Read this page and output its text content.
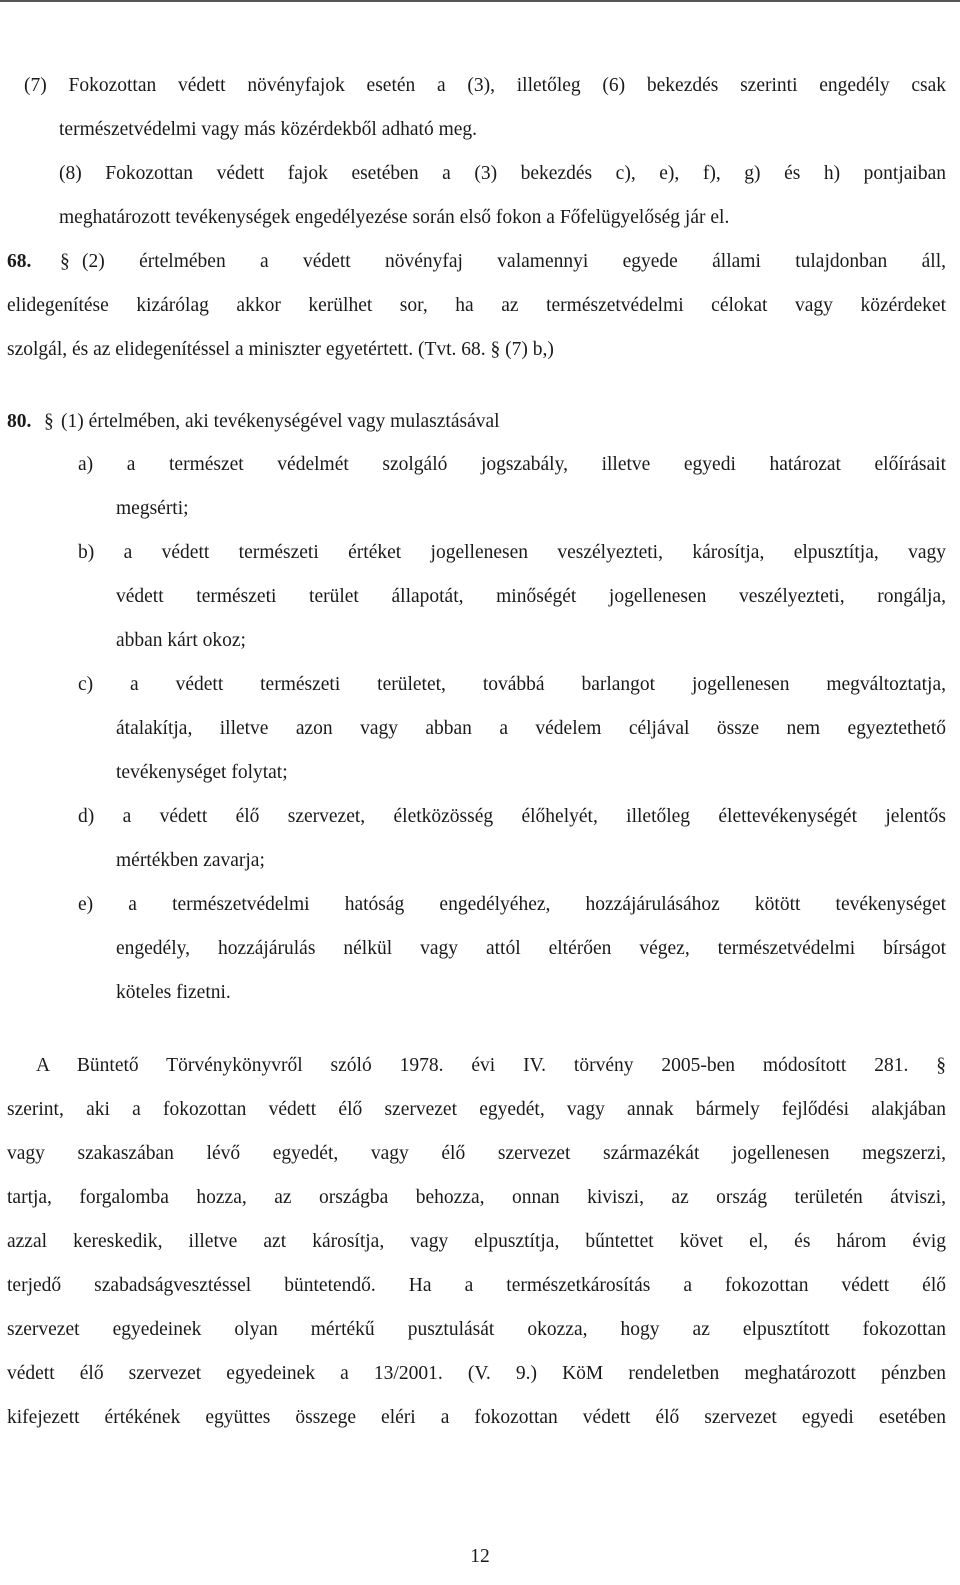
(7) Fokozottan védett növényfajok esetén a (3), illetőleg (6) bekezdés szerinti engedély csak
természetvédelmi vagy más közérdekből adható meg.
(8) Fokozottan védett fajok esetében a (3) bekezdés c), e), f), g) és h) pontjaiban
meghatározott tevékenységek engedélyezése során első fokon a Főfelügyelőség jár el.
68. § (2) értelmében a védett növényfaj valamennyi egyede állami tulajdonban áll,
elidegenítése kizárólag akkor kerülhet sor, ha az természetvédelmi célokat vagy közérdeket
szolgál, és az elidegenítéssel a miniszter egyetértett. (Tvt. 68. § (7) b,)
80. § (1) értelmében, aki tevékenységével vagy mulasztásával
a) a természet védelmét szolgáló jogszabály, illetve egyedi határozat előírásait
megsérti;
b) a védett természeti értéket jogellenesen veszélyezteti, károsítja, elpusztítja, vagy
védett természeti terület állapotát, minőségét jogellenesen veszélyezteti, rongálja,
abban kárt okoz;
c) a védett természeti területet, továbbá barlangot jogellenesen megváltoztatja,
átalakítja, illetve azon vagy abban a védelem céljával össze nem egyeztethető
tevékenységet folytat;
d) a védett élő szervezet, életközösség élőhelyét, illetőleg élettevékenységét jelentős
mértékben zavarja;
e) a természetvédelmi hatóság engedélyéhez, hozzájárulásához kötött tevékenységet
engedély, hozzájárulás nélkül vagy attól eltérően végez, természetvédelmi bírságot
köteles fizetni.
A Büntető Törvénykönyvről szóló 1978. évi IV. törvény 2005-ben módosított 281. §
szerint, aki a fokozottan védett élő szervezet egyedét, vagy annak bármely fejlődési alakjában
vagy szakaszában lévő egyedét, vagy élő szervezet származékát jogellenesen megszerzi,
tartja, forgalomba hozza, az országba behozza, onnan kiviszi, az ország területén átviszi,
azzal kereskedik, illetve azt károsítja, vagy elpusztítja, bűntettet követ el, és három évig
terjedő szabadságvesztéssel büntetendő. Ha a természetkárosítás a fokozottan védett élő
szervezet egyedeinek olyan mértékű pusztulását okozza, hogy az elpusztított fokozottan
védett élő szervezet egyedeinek a 13/2001. (V. 9.) KöM rendeletben meghatározott pénzben
kifejezett értékének együttes összege eléri a fokozottan védett élő szervezet egyedi esetében
12
